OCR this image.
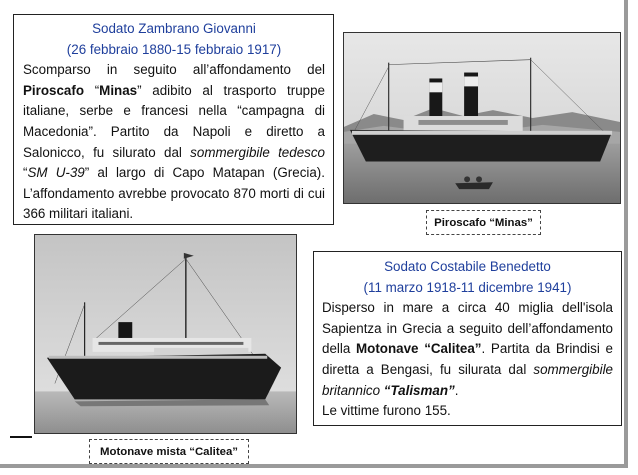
Sodato Zambrano Giovanni
(26 febbraio 1880-15 febbraio 1917)
Scomparso in seguito all’affondamento del Piroscafo “Minas” adibito al trasporto truppe italiane, serbe e francesi nella “campagna di Macedonia”. Partito da Napoli e diretto a Salonicco, fu silurato dal sommergibile tedesco “SM U-39” al largo di Capo Matapan (Grecia). L’affondamento avrebbe provocato 870 morti di cui 366 militari italiani.
Piroscafo “Minas”
Sodato Costabile Benedetto
(11 marzo 1918-11 dicembre 1941)
Disperso in mare a circa 40 miglia dell'isola Sapientza in Grecia a seguito dell’affondamento della Motonave “Calitea”. Partita da Brindisi e diretta a Bengasi, fu silurata dal sommergibile britannico “Talisman”.
Le vittime furono 155.
Motonave mista “Calitea”
